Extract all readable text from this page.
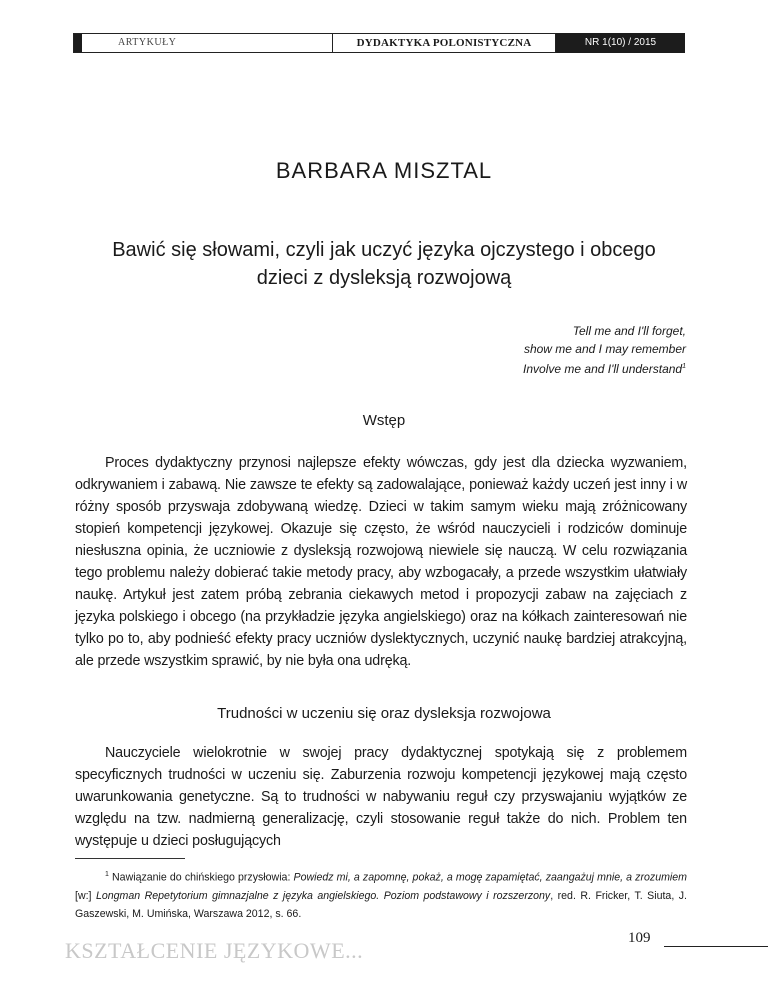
ARTYKUŁY	DYDAKTYKA POLONISTYCZNA	NR 1(10) / 2015
BARBARA MISZTAL
Bawić się słowami, czyli jak uczyć języka ojczystego i obcego
dzieci z dysleksją rozwojową
Tell me and I'll forget,
show me and I may remember
Involve me and I'll understand$^1$
Wstęp
Proces dydaktyczny przynosi najlepsze efekty wówczas, gdy jest dla dziecka wyzwaniem, odkrywaniem i zabawą. Nie zawsze te efekty są zadowalające, ponieważ każdy uczeń jest inny i w różny sposób przyswaja zdobywaną wiedzę. Dzieci w takim samym wieku mają zróżnicowany stopień kompetencji językowej. Okazuje się często, że wśród nauczycieli i rodziców dominuje niesłuszna opinia, że uczniowie z dysleksją rozwojową niewiele się nauczą. W celu rozwiązania tego problemu należy dobierać takie metody pracy, aby wzbogacały, a przede wszystkim ułatwiały naukę. Artykuł jest zatem próbą zebrania ciekawych metod i propozycji zabaw na zajęciach z języka polskiego i obcego (na przykładzie języka angielskiego) oraz na kółkach zainteresowań nie tylko po to, aby podnieść efekty pracy uczniów dyslektycznych, uczynić naukę bardziej atrakcyjną, ale przede wszystkim sprawić, by nie była ona udręką.
Trudności w uczeniu się oraz dysleksja rozwojowa
Nauczyciele wielokrotnie w swojej pracy dydaktycznej spotykają się z problemem specyficznych trudności w uczeniu się. Zaburzenia rozwoju kompetencji językowej mają często uwarunkowania genetyczne. Są to trudności w nabywaniu reguł czy przyswajaniu wyjątków ze względu na tzw. nadmierną generalizację, czyli stosowanie reguł także do nich. Problem ten występuje u dzieci posługujących
$^1$ Nawiązanie do chińskiego przysłowia: Powiedz mi, a zapomnę, pokaż, a mogę zapamiętać, zaangażuj mnie, a zrozumiem [w:] Longman Repetytorium gimnazjalne z języka angielskiego. Poziom podstawowy i rozszerzony, red. R. Fricker, T. Siuta, J. Gaszewski, M. Umińska, Warszawa 2012, s. 66.
KSZTAŁCENIE JĘZYKOWE...	109
